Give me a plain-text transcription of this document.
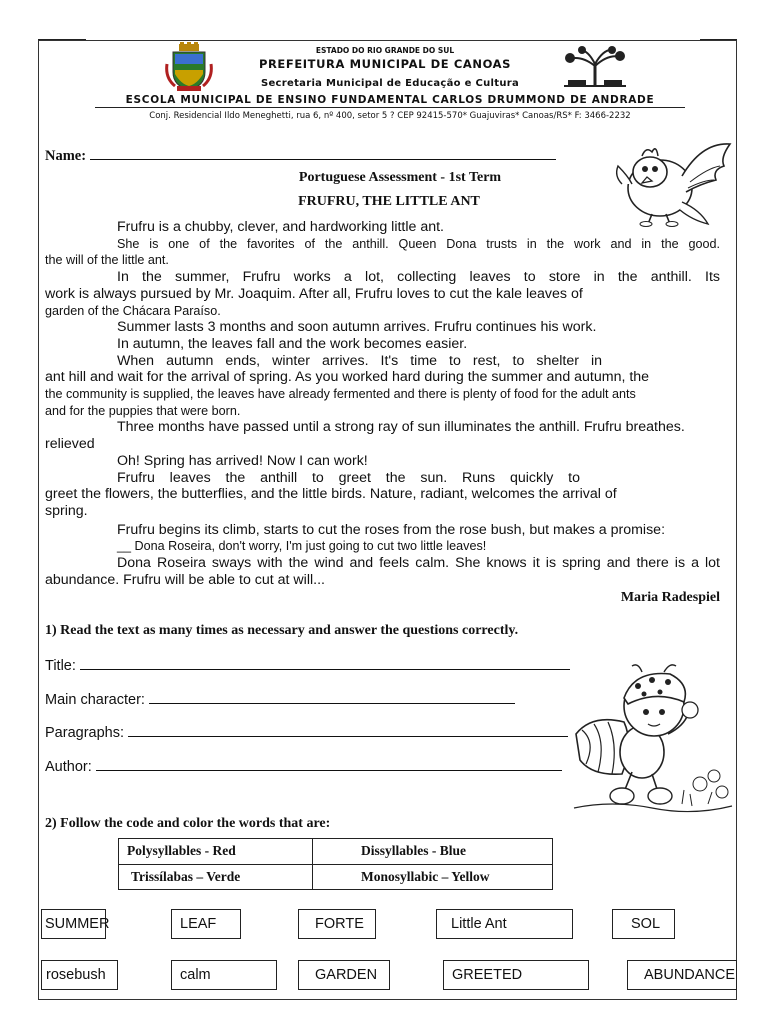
ESTADO DO RIO GRANDE DO SUL
PREFEITURA MUNICIPAL DE CANOAS
Secretaria Municipal de Educação e Cultura
ESCOLA MUNICIPAL DE ENSINO FUNDAMENTAL CARLOS DRUMMOND DE ANDRADE
Conj. Residencial Ildo Meneghetti, rua 6, nº 400, setor 5 ? CEP 92415-570* Guajuviras* Canoas/RS* F: 3466-2232
Name:
Portuguese Assessment - 1st Term
FRUFRU, THE LITTLE ANT

Frufru is a chubby, clever, and hardworking little ant.

She is one of the favorites of the anthill. Queen Dona trusts in the work and in the good.

the will of the little ant.

In the summer, Frufru works a lot, collecting leaves to store in the anthill. Its

work is always pursued by Mr. Joaquim. After all, Frufru loves to cut the kale leaves of

garden of the Chácara Paraíso.

Summer lasts 3 months and soon autumn arrives. Frufru continues his work.

In autumn, the leaves fall and the work becomes easier.

When autumn ends, winter arrives. It's time to rest, to shelter in

ant hill and wait for the arrival of spring. As you worked hard during the summer and autumn, the

the community is supplied, the leaves have already fermented and there is plenty of food for the adult ants

and for the puppies that were born.

Three months have passed until a strong ray of sun illuminates the anthill. Frufru breathes.

relieved

Oh! Spring has arrived! Now I can work!

Frufru leaves the anthill to greet the sun. Runs quickly to

greet the flowers, the butterflies, and the little birds. Nature, radiant, welcomes the arrival of

spring.

Frufru begins its climb, starts to cut the roses from the rose bush, but makes a promise:

__ Dona Roseira, don't worry, I'm just going to cut two little leaves!

Dona Roseira sways with the wind and feels calm. She knows it is spring and there is a lot

abundance. Frufru will be able to cut at will...

Maria Radespiel
1) Read the text as many times as necessary and answer the questions correctly.
Title:
Main character:
Paragraphs:
Author:
2) Follow the code and color the words that are:
Polysyllables - Red	Dissyllables - Blue
Trissílabas – Verde	Monosyllabic – Yellow
SUMMER	LEAF	FORTE	Little Ant	SOL
rosebush	calm	GARDEN	GREETED	ABUNDANCE
